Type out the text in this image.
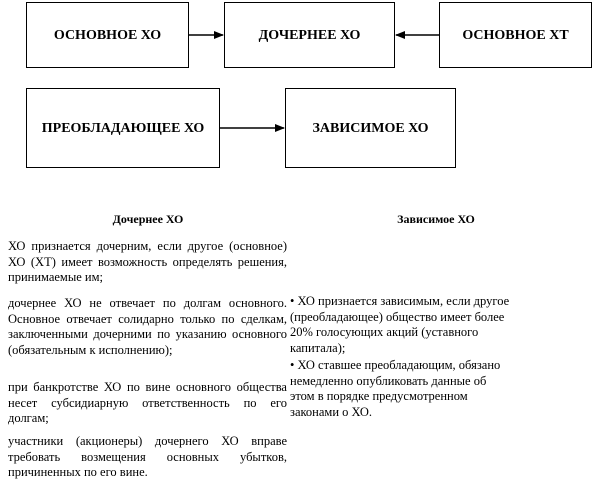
ОСНОВНОЕ ХО	ДОЧЕРНЕЕ ХО	ОСНОВНОЕ ХТ
ПРЕОБЛАДАЮЩЕЕ ХО	ЗАВИСИМОЕ ХО
Дочернее ХО	Зависимое ХО

ХО признается дочерним, если другое (основное) ХО (ХТ) имеет возможность определять решения, принимаемые им;

дочернее ХО не отвечает по долгам основного. Основное отвечает солидарно только по сделкам, заключенными дочерними по указанию основного (обязательным к исполнению);

при банкротстве ХО по вине основного общества несет субсидиарную ответственность по его долгам;

участники (акционеры) дочернего ХО вправе требовать возмещения основных убытков, причиненных по его вине.

• ХО признается зависимым, если другое (преобладающее) общество имеет более 20% голосующих акций (уставного капитала);

• ХО ставшее преобладающим, обязано немедленно опубликовать данные об этом в порядке предусмотренном законами о ХО.
